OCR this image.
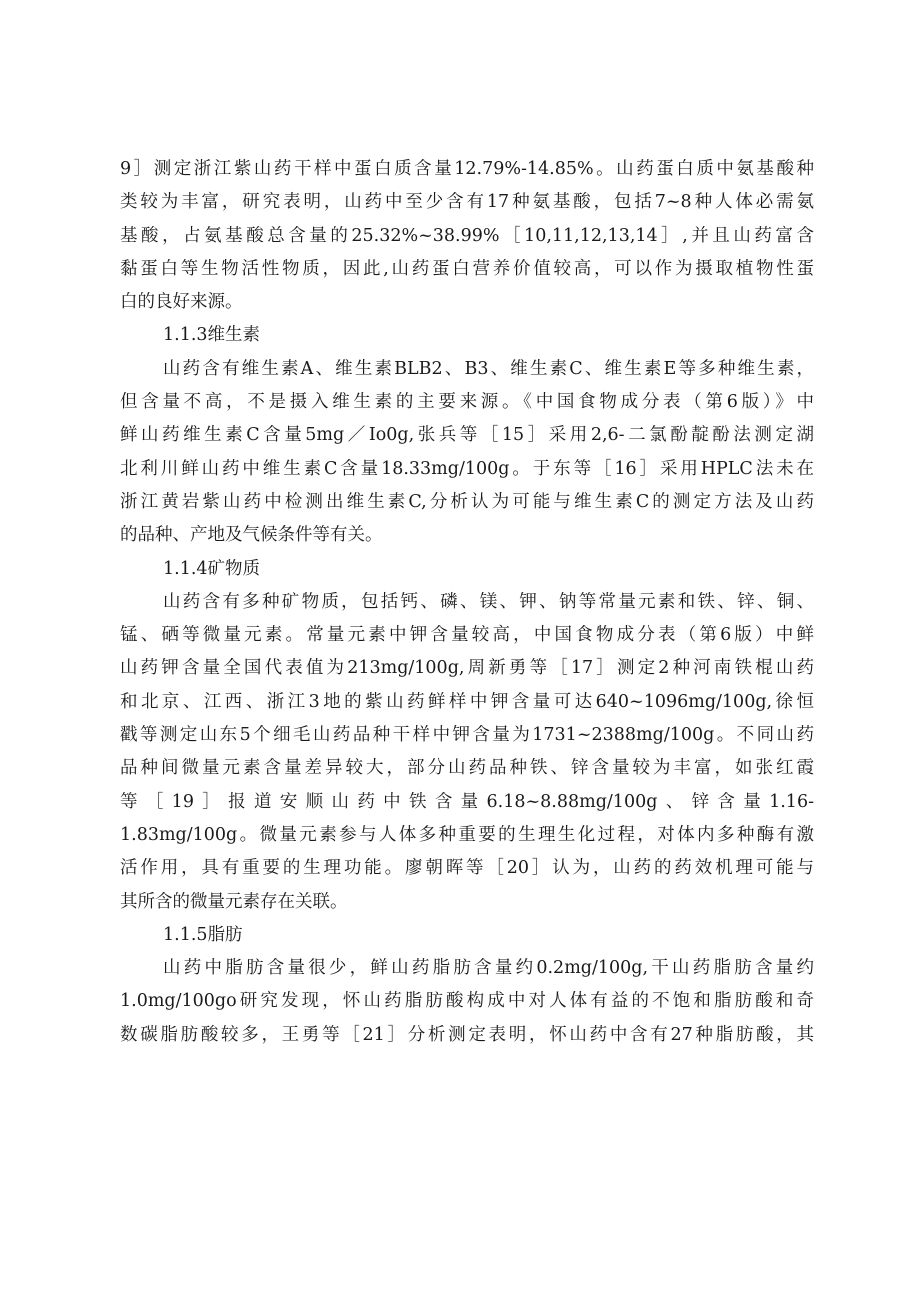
9］测定浙江紫山药干样中蛋白质含量12.79%-14.85%。山药蛋白质中氨基酸种
类较为丰富，研究表明，山药中至少含有17种氨基酸，包括7~8种人体必需氨
基酸，占氨基酸总含量的25.32%~38.99%［10,11,12,13,14］,并且山药富含
黏蛋白等生物活性物质，因此,山药蛋白营养价值较高，可以作为摄取植物性蛋
白的良好来源。
1.1.3维生素
山药含有维生素A、维生素BLB2、B3、维生素C、维生素E等多种维生素，
但含量不高，不是摄入维生素的主要来源。《中国食物成分表（第6版）》中
鲜山药维生素C含量5mg／Io0g,张兵等［15］采用2,6-二氯酚靛酚法测定湖
北利川鲜山药中维生素C含量18.33mg/100g。于东等［16］采用HPLC法未在
浙江黄岩紫山药中检测出维生素C,分析认为可能与维生素C的测定方法及山药
的品种、产地及气候条件等有关。
1.1.4矿物质
山药含有多种矿物质，包括钙、磷、镁、钾、钠等常量元素和铁、锌、铜、
锰、硒等微量元素。常量元素中钾含量较高，中国食物成分表（第6版）中鲜
山药钾含量全国代表值为213mg/100g,周新勇等［17］测定2种河南铁棍山药
和北京、江西、浙江3地的紫山药鲜样中钾含量可达640~1096mg/100g,徐恒
戳等测定山东5个细毛山药品种干样中钾含量为1731~2388mg/100g。不同山药
品种间微量元素含量差异较大，部分山药品种铁、锌含量较为丰富，如张红霞
等［19］报道安顺山药中铁含量6.18~8.88mg/100g、锌含量1.16-
1.83mg/100g。微量元素参与人体多种重要的生理生化过程，对体内多种酶有激
活作用，具有重要的生理功能。廖朝晖等［20］认为，山药的药效机理可能与
其所含的微量元素存在关联。
1.1.5脂肪
山药中脂肪含量很少，鲜山药脂肪含量约0.2mg/100g,干山药脂肪含量约
1.0mg/100go研究发现，怀山药脂肪酸构成中对人体有益的不饱和脂肪酸和奇
数碳脂肪酸较多，王勇等［21］分析测定表明，怀山药中含有27种脂肪酸，其
